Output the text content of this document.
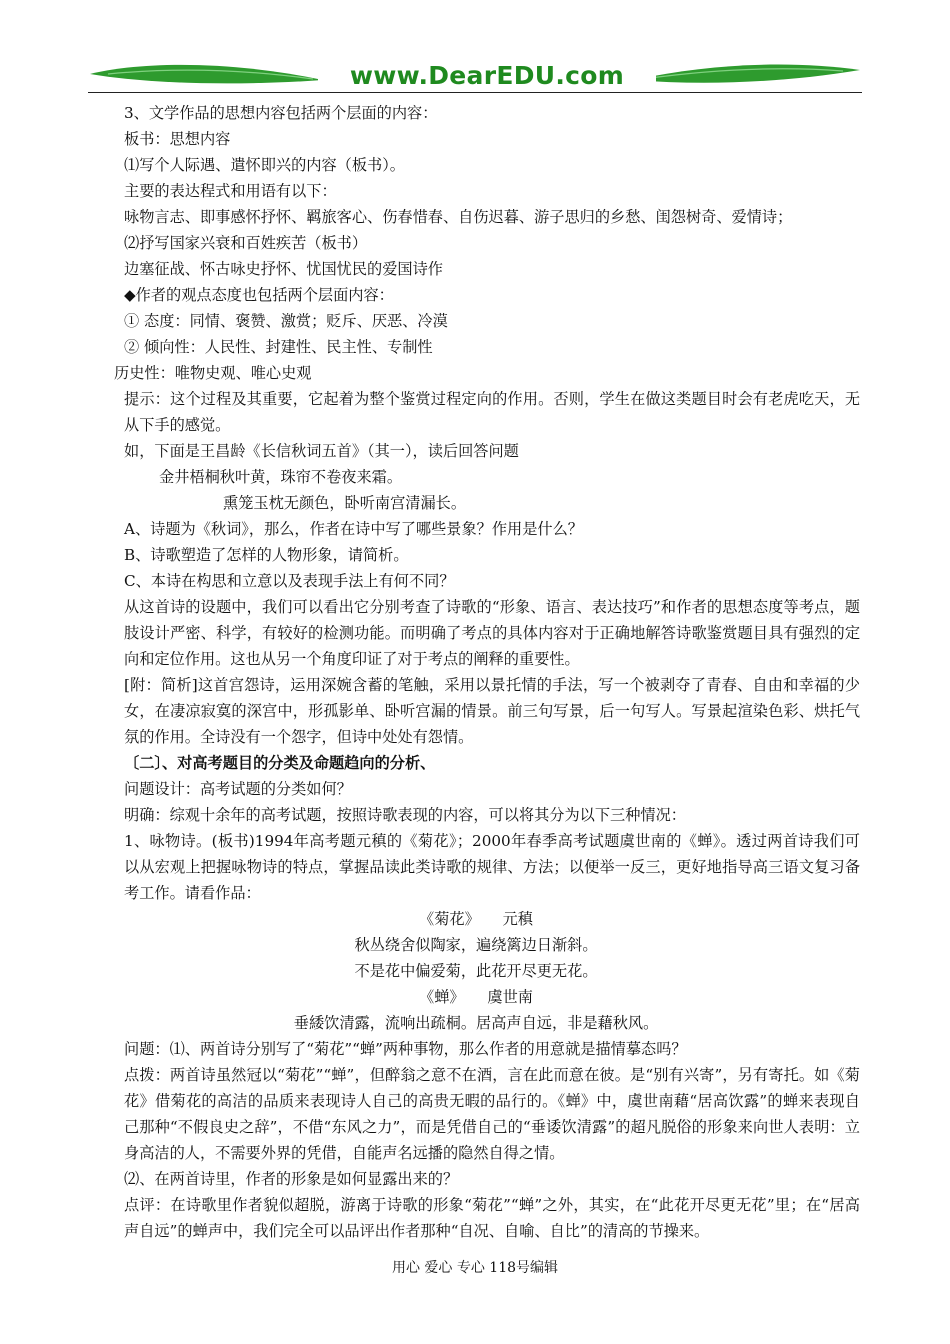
www.DearEDU.com

3、文学作品的思想内容包括两个层面的内容：

板书：思想内容

⑴写个人际遇、遣怀即兴的内容（板书）。

主要的表达程式和用语有以下：

咏物言志、即事感怀抒怀、羁旅客心、伤春惜春、自伤迟暮、游子思归的乡愁、闺怨树奇、爱情诗；

⑵抒写国家兴衰和百姓疾苦（板书）

边塞征战、怀古咏史抒怀、忧国忧民的爱国诗作

◆作者的观点态度也包括两个层面内容：

① 态度：同情、褒赞、激赏；贬斥、厌恶、冷漠

② 倾向性：人民性、封建性、民主性、专制性

历史性：唯物史观、唯心史观

提示：这个过程及其重要，它起着为整个鉴赏过程定向的作用。否则，学生在做这类题目时会有老虎吃天，无从下手的感觉。

如，下面是王昌龄《长信秋词五首》（其一），读后回答问题

金井梧桐秋叶黄，珠帘不卷夜来霜。

熏笼玉枕无颜色，卧听南宫清漏长。

A、诗题为《秋词》，那么，作者在诗中写了哪些景象？作用是什么？

B、诗歌塑造了怎样的人物形象，请简析。

C、本诗在构思和立意以及表现手法上有何不同？

从这首诗的设题中，我们可以看出它分别考查了诗歌的“形象、语言、表达技巧”和作者的思想态度等考点，题肢设计严密、科学，有较好的检测功能。而明确了考点的具体内容对于正确地解答诗歌鉴赏题目具有强烈的定向和定位作用。这也从另一个角度印证了对于考点的阐释的重要性。

[附：简析]这首宫怨诗，运用深婉含蓄的笔触，采用以景托情的手法，写一个被剥夺了青春、自由和幸福的少女，在凄凉寂寞的深宫中，形孤影单、卧听宫漏的情景。前三句写景，后一句写人。写景起渲染色彩、烘托气氛的作用。全诗没有一个怨字，但诗中处处有怨情。

〔二〕、对高考题目的分类及命题趋向的分析、

问题设计：高考试题的分类如何？

明确：综观十余年的高考试题，按照诗歌表现的内容，可以将其分为以下三种情况：

1、咏物诗。(板书)1994年高考题元稹的《菊花》；2000年春季高考试题虞世南的《蝉》。透过两首诗我们可以从宏观上把握咏物诗的特点，掌握品读此类诗歌的规律、方法；以便举一反三，更好地指导高三语文复习备考工作。请看作品：

《菊花》　　元稹

秋丛绕舍似陶家，遍绕篱边日渐斜。

不是花中偏爱菊，此花开尽更无花。

《蝉》　　虞世南

垂緌饮清露，流响出疏桐。居高声自远，非是藉秋风。

问题：⑴、两首诗分别写了“菊花”“蝉”两种事物，那么作者的用意就是描情摹态吗？

点拨：两首诗虽然冠以“菊花”“蝉”，但醉翁之意不在酒，言在此而意在彼。是“别有兴寄”，另有寄托。如《菊花》借菊花的高洁的品质来表现诗人自己的高贵无暇的品行的。《蝉》中，虞世南藉“居高饮露”的蝉来表现自己那种“不假良史之辞”，不借“东风之力”，而是凭借自己的“垂诿饮清露”的超凡脱俗的形象来向世人表明：立身高洁的人，不需要外界的凭借，自能声名远播的隐然自得之情。

⑵、在两首诗里，作者的形象是如何显露出来的？

点评：在诗歌里作者貌似超脱，游离于诗歌的形象“菊花”“蝉”之外，其实，在“此花开尽更无花”里；在“居高声自远”的蝉声中，我们完全可以品评出作者那种“自况、自喻、自比”的清高的节操来。

用心 爱心 专心 118号编辑
